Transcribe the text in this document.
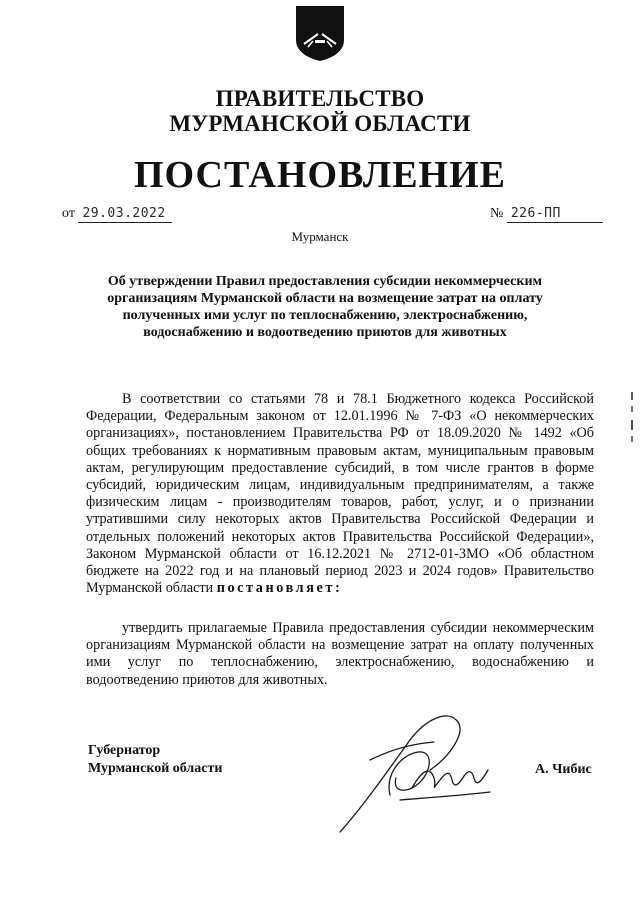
ПРАВИТЕЛЬСТВО
МУРМАНСКОЙ ОБЛАСТИ
ПОСТАНОВЛЕНИЕ
от 29.03.2022	№ 226-ПП
Мурманск
Об утверждении Правил предоставления субсидии некоммерческим организациям Мурманской области на возмещение затрат на оплату полученных ими услуг по теплоснабжению, электроснабжению, водоснабжению и водоотведению приютов для животных
В соответствии со статьями 78 и 78.1 Бюджетного кодекса Российской Федерации, Федеральным законом от 12.01.1996 № 7-ФЗ «О некоммерческих организациях», постановлением Правительства РФ от 18.09.2020 № 1492 «Об общих требованиях к нормативным правовым актам, муниципальным правовым актам, регулирующим предоставление субсидий, в том числе грантов в форме субсидий, юридическим лицам, индивидуальным предпринимателям, а также физическим лицам - производителям товаров, работ, услуг, и о признании утратившими силу некоторых актов Правительства Российской Федерации и отдельных положений некоторых актов Правительства Российской Федерации», Законом Мурманской области от 16.12.2021 № 2712-01-ЗМО «Об областном бюджете на 2022 год и на плановый период 2023 и 2024 годов» Правительство Мурманской области постановляет:
утвердить прилагаемые Правила предоставления субсидии некоммерческим организациям Мурманской области на возмещение затрат на оплату полученных ими услуг по теплоснабжению, электроснабжению, водоснабжению и водоотведению приютов для животных.
Губернатор
Мурманской области	А. Чибис
